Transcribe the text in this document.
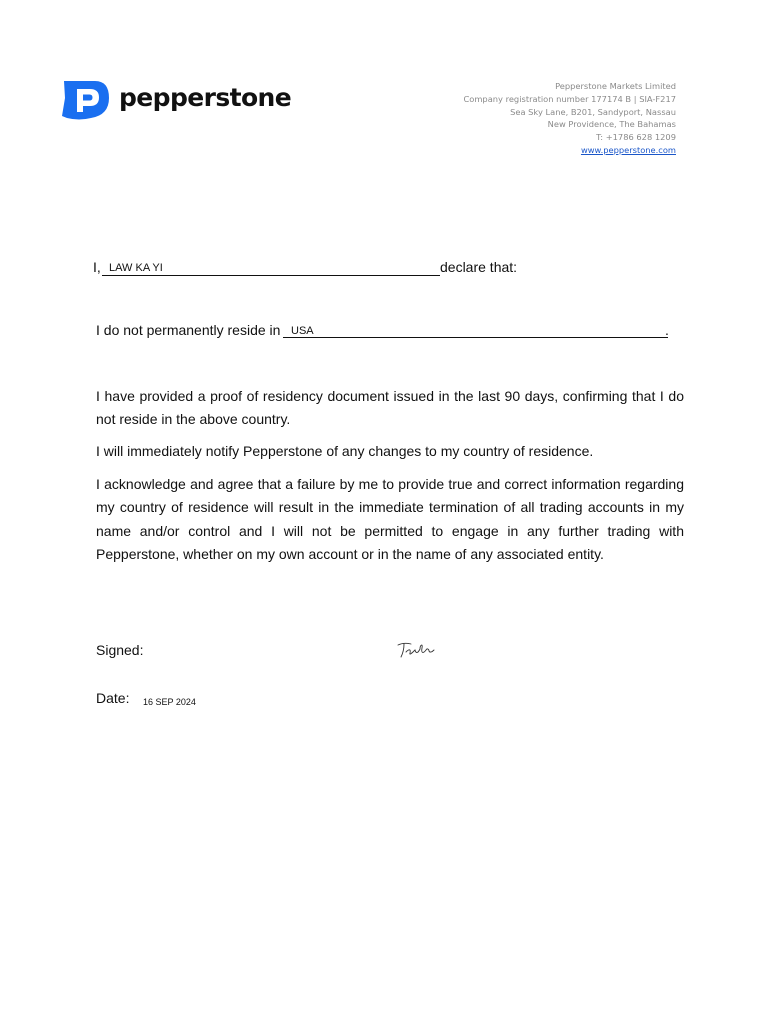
pepperstone	Pepperstone Markets Limited
Company registration number 177174 B | SIA-F217
Sea Sky Lane, B201, Sandyport, Nassau
New Providence, The Bahamas
T: +1786 628 1209
www.pepperstone.com
I, LAW KA YI	declare that:
I do not permanently reside in USA	.
I have provided a proof of residency document issued in the last 90 days, confirming that I do not reside in the above country.
I will immediately notify Pepperstone of any changes to my country of residence.
I acknowledge and agree that a failure by me to provide true and correct information regarding my country of residence will result in the immediate termination of all trading accounts in my name and/or control and I will not be permitted to engage in any further trading with Pepperstone, whether on my own account or in the name of any associated entity.
Signed:
Date: 16 SEP 2024
